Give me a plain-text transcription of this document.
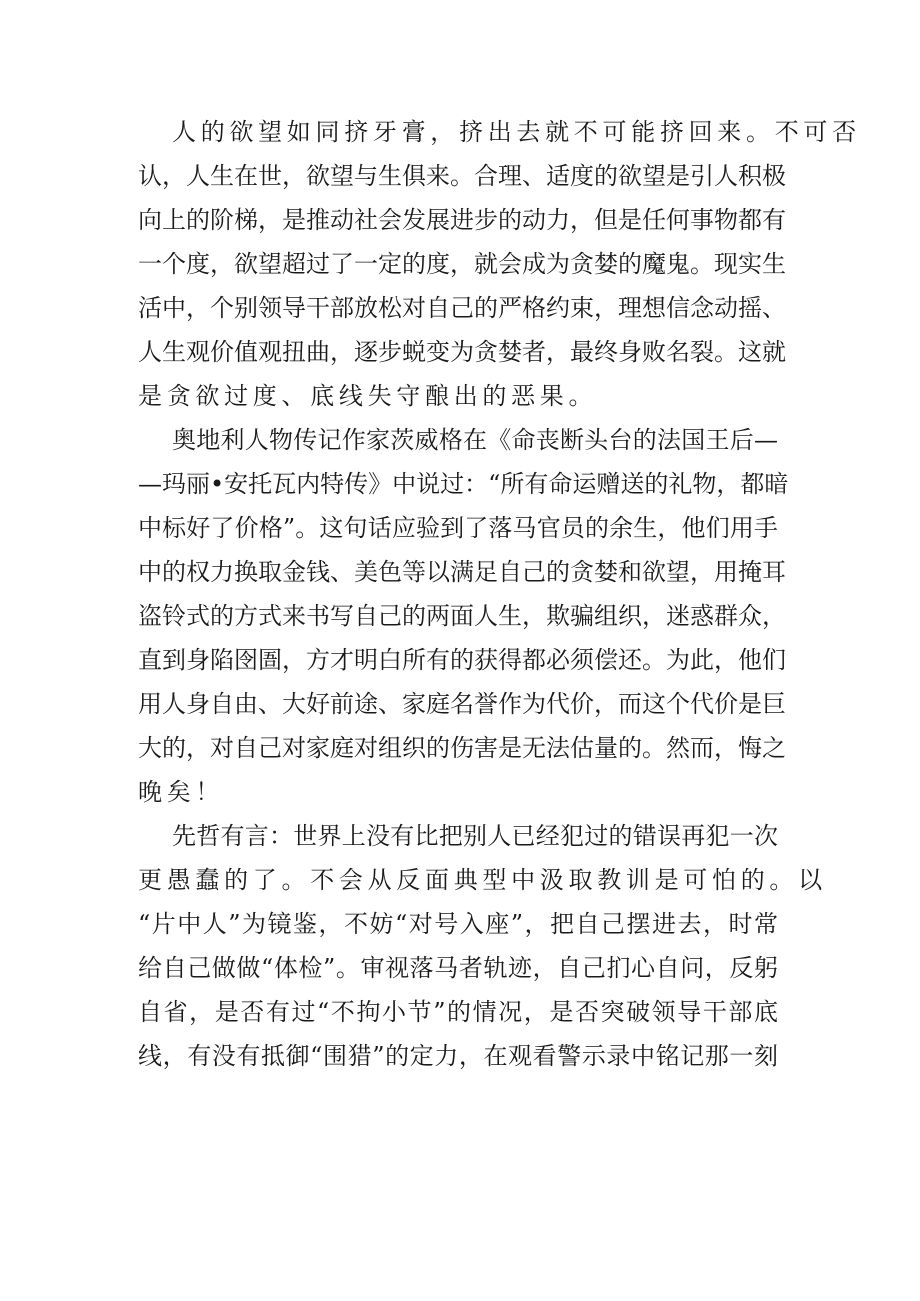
人的欲望如同挤牙膏，挤出去就不可能挤回来。不可否
认，人生在世，欲望与生俱来。合理、适度的欲望是引人积极
向上的阶梯，是推动社会发展进步的动力，但是任何事物都有
一个度，欲望超过了一定的度，就会成为贪婪的魔鬼。现实生
活中，个别领导干部放松对自己的严格约束，理想信念动摇、
人生观价值观扭曲，逐步蜕变为贪婪者，最终身败名裂。这就
是贪欲过度、底线失守酿出的恶果。
奥地利人物传记作家茨威格在《命丧断头台的法国王后—
—玛丽•安托瓦内特传》中说过：“所有命运赠送的礼物，都暗
中标好了价格”。这句话应验到了落马官员的余生，他们用手
中的权力换取金钱、美色等以满足自己的贪婪和欲望，用掩耳
盗铃式的方式来书写自己的两面人生，欺骗组织，迷惑群众，
直到身陷囹圄，方才明白所有的获得都必须偿还。为此，他们
用人身自由、大好前途、家庭名誉作为代价，而这个代价是巨
大的，对自己对家庭对组织的伤害是无法估量的。然而，悔之
晚矣！
先哲有言：世界上没有比把别人已经犯过的错误再犯一次
更愚蠢的了。不会从反面典型中汲取教训是可怕的。以
“片中人”为镜鉴，不妨“对号入座”，把自己摆进去，时常
给自己做做“体检”。审视落马者轨迹，自己扪心自问，反躬
自省，是否有过“不拘小节”的情况，是否突破领导干部底
线，有没有抵御“围猎”的定力，在观看警示录中铭记那一刻
